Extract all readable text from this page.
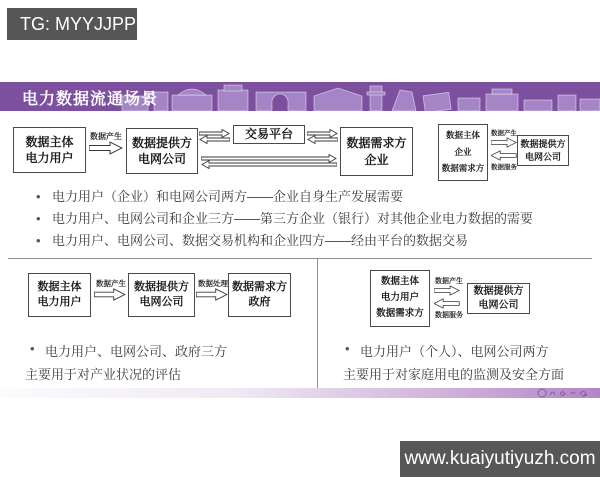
TG: MYYJJPP
电力数据流通场景
数据主体
电力用户
数据产生 数据提供方
电网公司
交易平台
数据需求方
企业
数据主体
企业
数据需求方
数据产生
数据服务
数据提供方
电网公司
• 电力用户（企业）和电网公司两方——企业自身生产发展需要
• 电力用户、电网公司和企业三方——第三方企业（银行）对其他企业电力数据的需要
• 电力用户、电网公司、数据交易机构和企业四方——经由平台的数据交易
数据主体
电力用户
数据产生 数据提供方
电网公司
数据处理 数据需求方
政府
• 电力用户、电网公司、政府三方
主要用于对产业状况的评估
数据主体
电力用户
数据需求方
数据产生
数据服务
数据提供方
电网公司
• 电力用户（个人）、电网公司两方
主要用于对家庭用电的监测及安全方面
www.kuaiyutiyuzh.com
